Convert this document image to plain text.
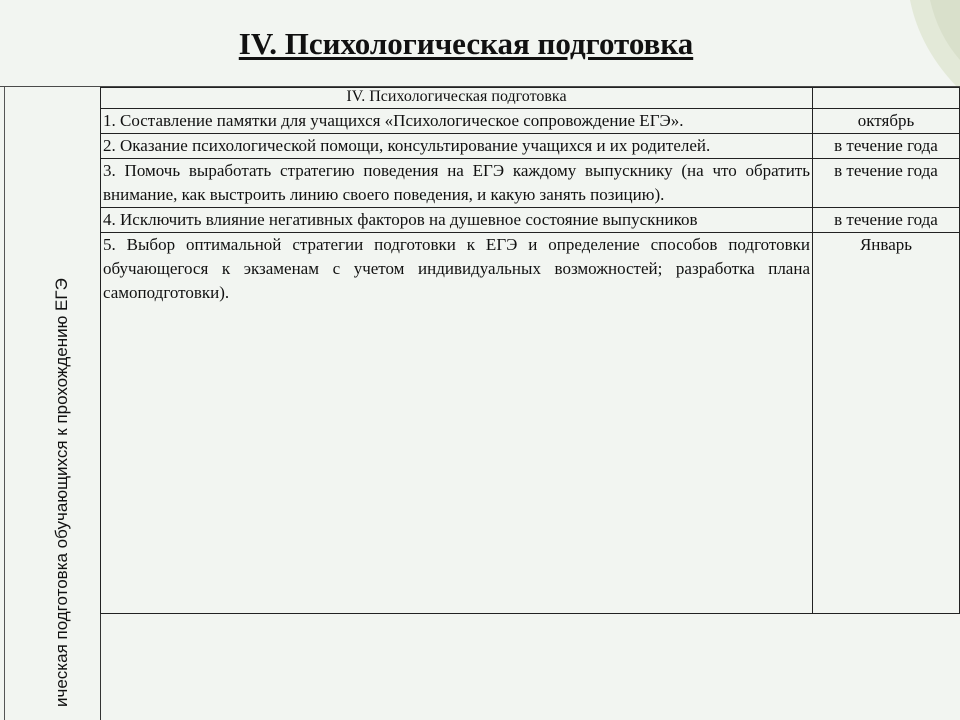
IV. Психологическая подготовка
ическая подготовка обучающихся к прохождению ЕГЭ
IV. Психологическая подготовка	
1. Составление памятки для учащихся «Психологическое сопровождение ЕГЭ».	октябрь
2. Оказание психологической помощи, консультирование учащихся и их родителей.	в течение года
3. Помочь выработать стратегию поведения на ЕГЭ каждому выпускнику (на что обратить внимание, как выстроить линию своего поведения, и какую занять позицию).	в течение года
4. Исключить влияние негативных факторов на душевное состояние выпускников	в течение года
5. Выбор оптимальной стратегии подготовки к ЕГЭ и определение способов подготовки обучающегося к экзаменам с учетом индивидуальных возможностей; разработка плана самоподготовки).	Январь
